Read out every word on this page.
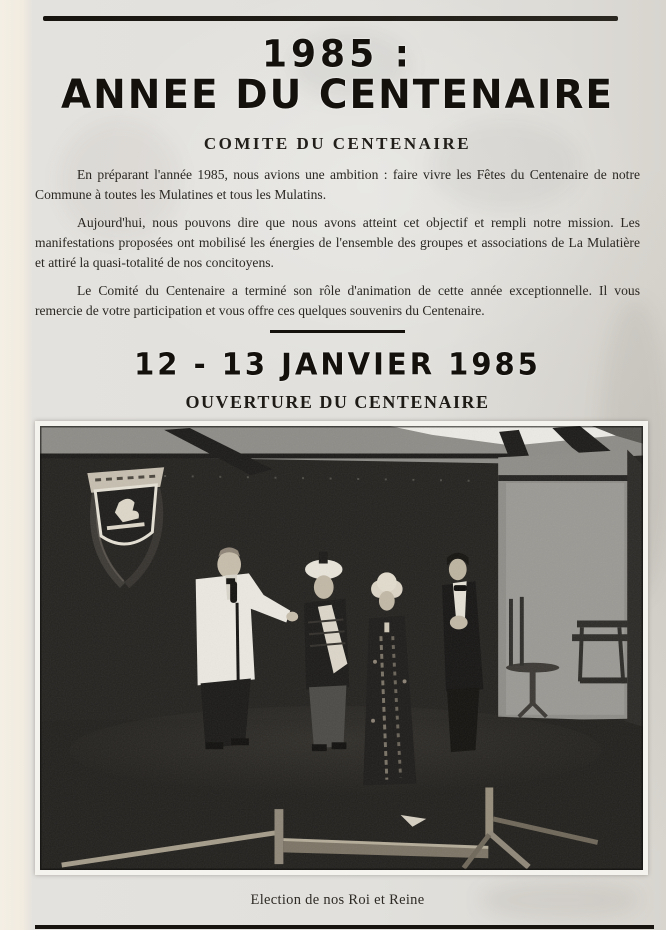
1985 :
ANNEE DU CENTENAIRE
COMITE DU CENTENAIRE

En préparant l'année 1985, nous avions une ambition : faire vivre les Fêtes du Centenaire de notre Commune à toutes les Mulatines et tous les Mulatins.

Aujourd'hui, nous pouvons dire que nous avons atteint cet objectif et rempli notre mission. Les manifestations proposées ont mobilisé les énergies de l'ensemble des groupes et associations de La Mulatière et attiré la quasi-totalité de nos concitoyens.

Le Comité du Centenaire a terminé son rôle d'animation de cette année exceptionnelle. Il vous remercie de votre participation et vous offre ces quelques souvenirs du Centenaire.

12 - 13 JANVIER 1985
OUVERTURE DU CENTENAIRE
Election de nos Roi et Reine
